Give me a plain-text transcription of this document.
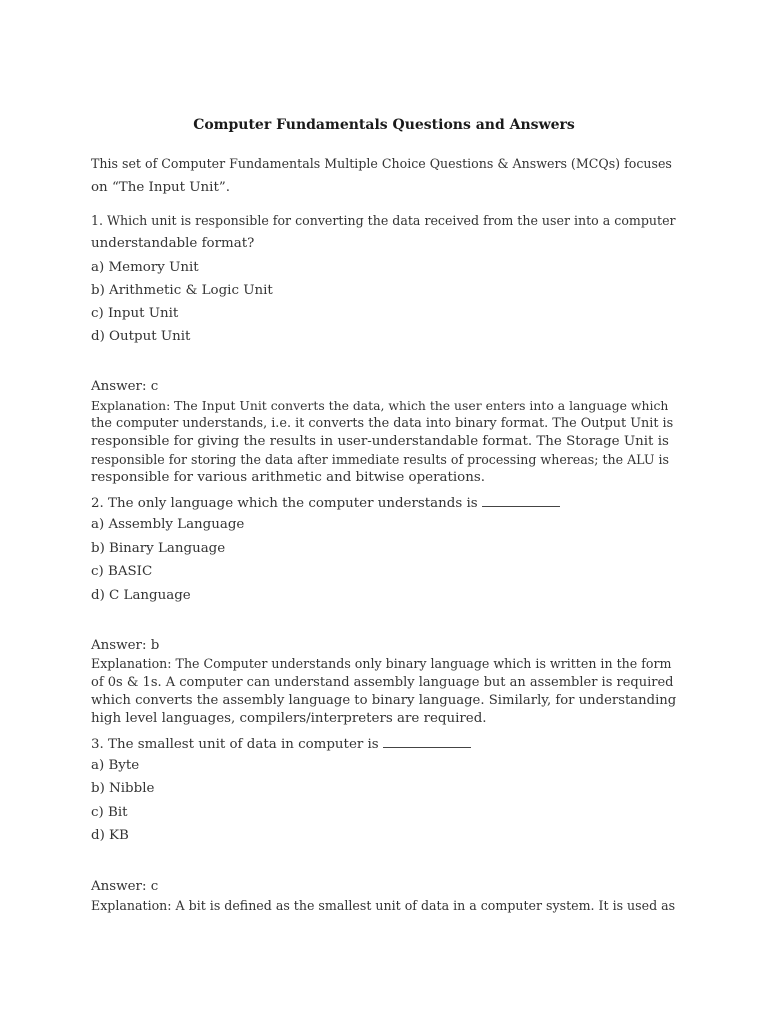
Computer Fundamentals Questions and Answers
This set of Computer Fundamentals Multiple Choice Questions & Answers (MCQs) focuses
on “The Input Unit”.
1. Which unit is responsible for converting the data received from the user into a computer
understandable format?
a) Memory Unit
b) Arithmetic & Logic Unit
c) Input Unit
d) Output Unit
Answer: c
Explanation: The Input Unit converts the data, which the user enters into a language which
the computer understands, i.e. it converts the data into binary format. The Output Unit is
responsible for giving the results in user-understandable format. The Storage Unit is
responsible for storing the data after immediate results of processing whereas; the ALU is
responsible for various arithmetic and bitwise operations.
2. The only language which the computer understands is
a) Assembly Language
b) Binary Language
c) BASIC
d) C Language
Answer: b
Explanation: The Computer understands only binary language which is written in the form
of 0s & 1s. A computer can understand assembly language but an assembler is required
which converts the assembly language to binary language. Similarly, for understanding
high level languages, compilers/interpreters are required.
3. The smallest unit of data in computer is
a) Byte
b) Nibble
c) Bit
d) KB
Answer: c
Explanation: A bit is defined as the smallest unit of data in a computer system. It is used as
